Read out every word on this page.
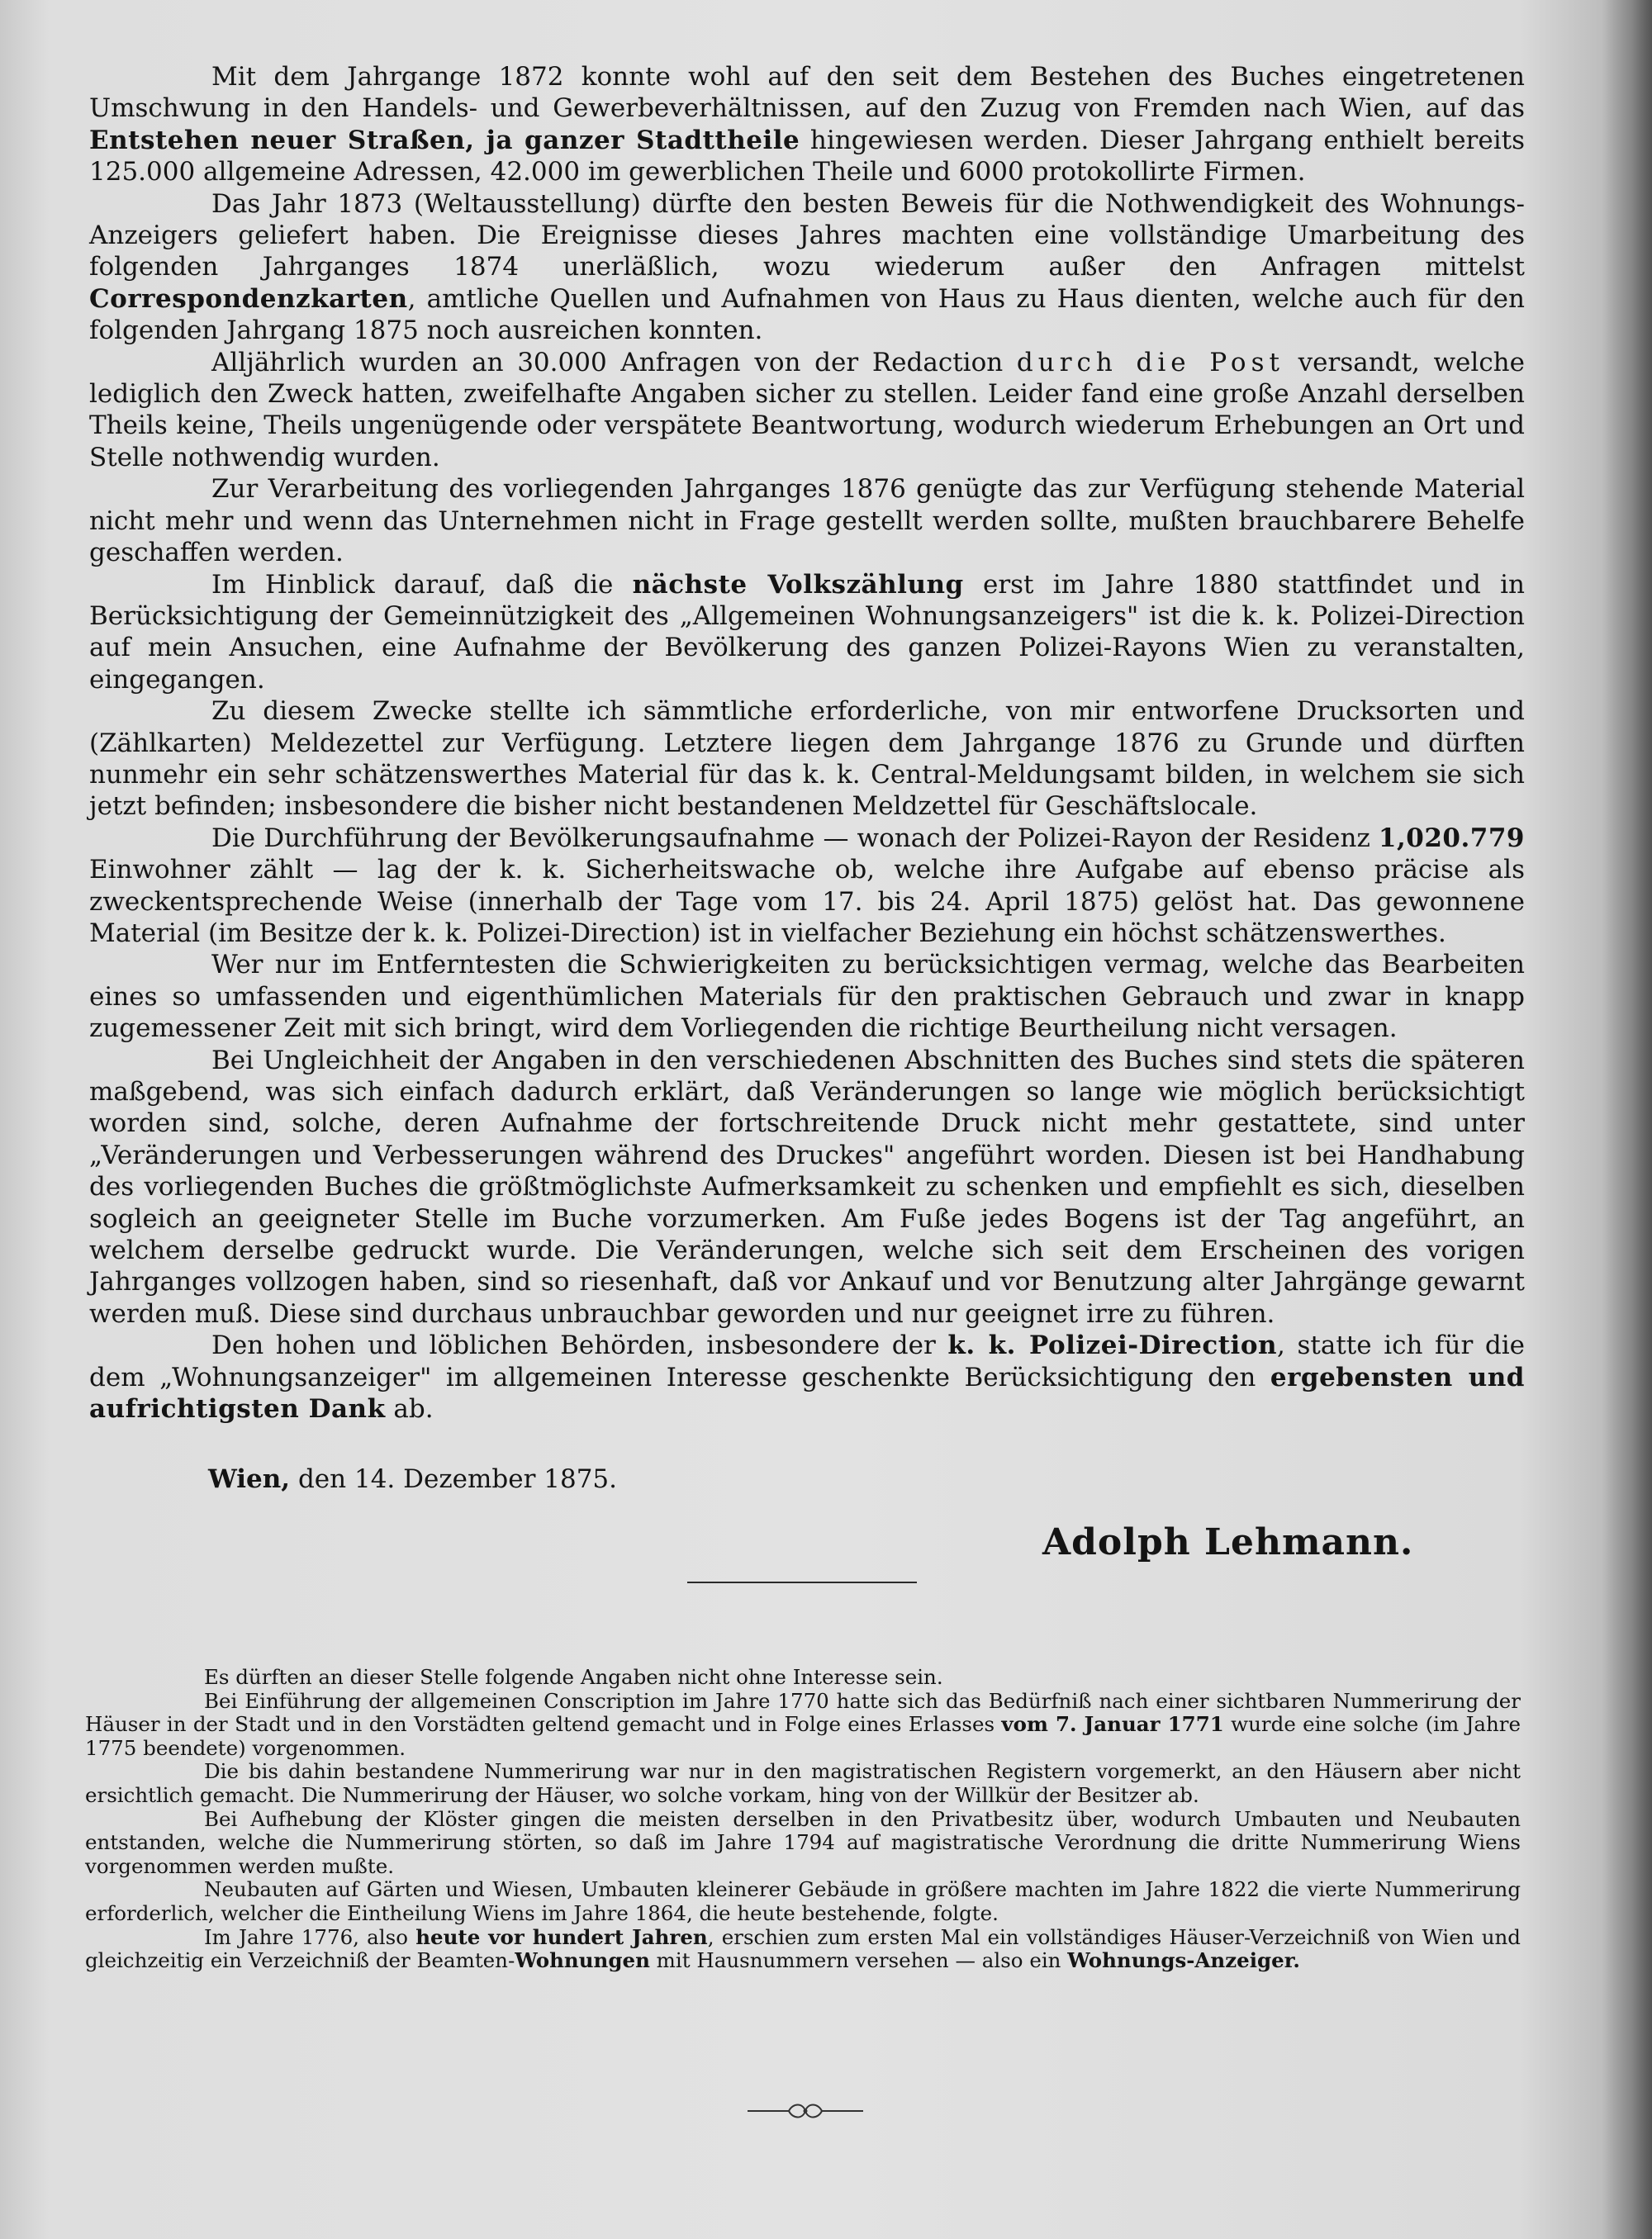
Mit dem Jahrgange 1872 konnte wohl auf den seit dem Bestehen des Buches eingetretenen Umschwung in den Handels- und Gewerbeverhältnissen, auf den Zuzug von Fremden nach Wien, auf das Entstehen neuer Straßen, ja ganzer Stadttheile hingewiesen werden. Dieser Jahrgang enthielt bereits 125.000 allgemeine Adressen, 42.000 im gewerblichen Theile und 6000 protokollirte Firmen.

Das Jahr 1873 (Weltausstellung) dürfte den besten Beweis für die Nothwendigkeit des Wohnungs-Anzeigers geliefert haben. Die Ereignisse dieses Jahres machten eine vollständige Umarbeitung des folgenden Jahrganges 1874 unerläßlich, wozu wiederum außer den Anfragen mittelst Correspondenzkarten, amtliche Quellen und Aufnahmen von Haus zu Haus dienten, welche auch für den folgenden Jahrgang 1875 noch ausreichen konnten.

Alljährlich wurden an 30.000 Anfragen von der Redaction durch die Post versandt, welche lediglich den Zweck hatten, zweifelhafte Angaben sicher zu stellen. Leider fand eine große Anzahl derselben Theils keine, Theils ungenügende oder verspätete Beantwortung, wodurch wiederum Erhebungen an Ort und Stelle nothwendig wurden.

Zur Verarbeitung des vorliegenden Jahrganges 1876 genügte das zur Verfügung stehende Material nicht mehr und wenn das Unternehmen nicht in Frage gestellt werden sollte, mußten brauchbarere Behelfe geschaffen werden.

Im Hinblick darauf, daß die nächste Volkszählung erst im Jahre 1880 stattfindet und in Berücksichtigung der Gemeinnützigkeit des „Allgemeinen Wohnungsanzeigers" ist die k. k. Polizei-Direction auf mein Ansuchen, eine Aufnahme der Bevölkerung des ganzen Polizei-Rayons Wien zu veranstalten, eingegangen.

Zu diesem Zwecke stellte ich sämmtliche erforderliche, von mir entworfene Drucksorten und (Zählkarten) Meldezettel zur Verfügung. Letztere liegen dem Jahrgange 1876 zu Grunde und dürften nunmehr ein sehr schätzenswerthes Material für das k. k. Central-Meldungsamt bilden, in welchem sie sich jetzt befinden; insbesondere die bisher nicht bestandenen Meldzettel für Geschäftslocale.

Die Durchführung der Bevölkerungsaufnahme — wonach der Polizei-Rayon der Residenz 1,020.779 Einwohner zählt — lag der k. k. Sicherheitswache ob, welche ihre Aufgabe auf ebenso präcise als zweckentsprechende Weise (innerhalb der Tage vom 17. bis 24. April 1875) gelöst hat. Das gewonnene Material (im Besitze der k. k. Polizei-Direction) ist in vielfacher Beziehung ein höchst schätzenswerthes.

Wer nur im Entferntesten die Schwierigkeiten zu berücksichtigen vermag, welche das Bearbeiten eines so umfassenden und eigenthümlichen Materials für den praktischen Gebrauch und zwar in knapp zugemessener Zeit mit sich bringt, wird dem Vorliegenden die richtige Beurtheilung nicht versagen.

Bei Ungleichheit der Angaben in den verschiedenen Abschnitten des Buches sind stets die späteren maßgebend, was sich einfach dadurch erklärt, daß Veränderungen so lange wie möglich berücksichtigt worden sind, solche, deren Aufnahme der fortschreitende Druck nicht mehr gestattete, sind unter „Veränderungen und Verbesserungen während des Druckes" angeführt worden. Diesen ist bei Handhabung des vorliegenden Buches die größtmöglichste Aufmerksamkeit zu schenken und empfiehlt es sich, dieselben sogleich an geeigneter Stelle im Buche vorzumerken. Am Fuße jedes Bogens ist der Tag angeführt, an welchem derselbe gedruckt wurde. Die Veränderungen, welche sich seit dem Erscheinen des vorigen Jahrganges vollzogen haben, sind so riesenhaft, daß vor Ankauf und vor Benutzung alter Jahrgänge gewarnt werden muß. Diese sind durchaus unbrauchbar geworden und nur geeignet irre zu führen.

Den hohen und löblichen Behörden, insbesondere der k. k. Polizei-Direction, statte ich für die dem „Wohnungsanzeiger" im allgemeinen Interesse geschenkte Berücksichtigung den ergebensten und aufrichtigsten Dank ab.

Wien, den 14. Dezember 1875.
Adolph Lehmann.

Es dürften an dieser Stelle folgende Angaben nicht ohne Interesse sein.

Bei Einführung der allgemeinen Conscription im Jahre 1770 hatte sich das Bedürfniß nach einer sichtbaren Nummerirung der Häuser in der Stadt und in den Vorstädten geltend gemacht und in Folge eines Erlasses vom 7. Januar 1771 wurde eine solche (im Jahre 1775 beendete) vorgenommen.

Die bis dahin bestandene Nummerirung war nur in den magistratischen Registern vorgemerkt, an den Häusern aber nicht ersichtlich gemacht. Die Nummerirung der Häuser, wo solche vorkam, hing von der Willkür der Besitzer ab.

Bei Aufhebung der Klöster gingen die meisten derselben in den Privatbesitz über, wodurch Umbauten und Neubauten entstanden, welche die Nummerirung störten, so daß im Jahre 1794 auf magistratische Verordnung die dritte Nummerirung Wiens vorgenommen werden mußte.

Neubauten auf Gärten und Wiesen, Umbauten kleinerer Gebäude in größere machten im Jahre 1822 die vierte Nummerirung erforderlich, welcher die Eintheilung Wiens im Jahre 1864, die heute bestehende, folgte.

Im Jahre 1776, also heute vor hundert Jahren, erschien zum ersten Mal ein vollständiges Häuser-Verzeichniß von Wien und gleichzeitig ein Verzeichniß der Beamten-Wohnungen mit Hausnummern versehen — also ein Wohnungs-Anzeiger.
